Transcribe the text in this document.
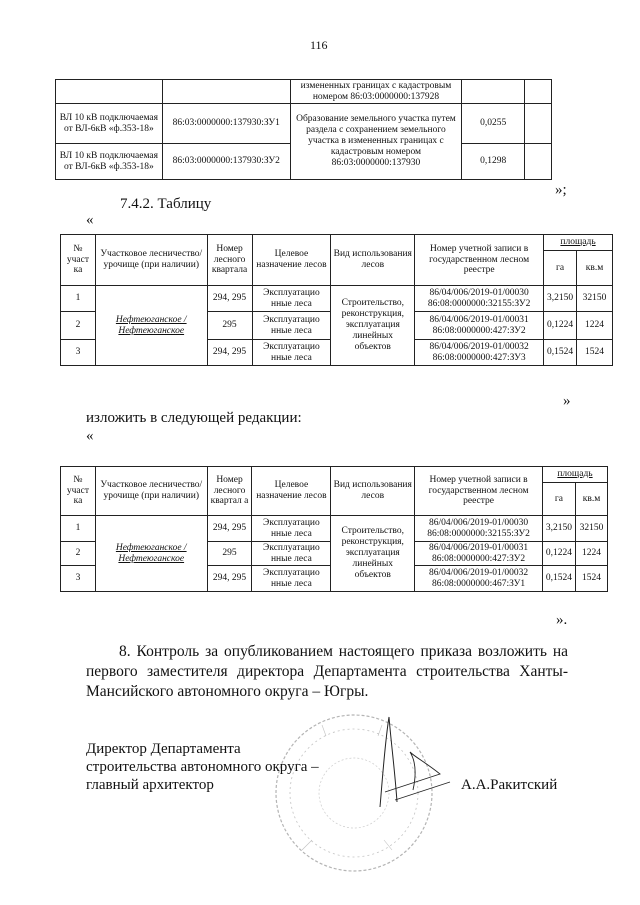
116
		измененных границах с кадастровым номером 86:03:0000000:137928		
ВЛ 10 кВ подключаемая от ВЛ-6кВ «ф.353-18»	86:03:0000000:137930:ЗУ1	Образование земельного участка путем раздела с сохранением земельного участка в измененных границах с кадастровым номером 86:03:0000000:137930	0,0255	
ВЛ 10 кВ подключаемая от ВЛ-6кВ «ф.353-18»	86:03:0000000:137930:ЗУ2		0,1298	
»;
7.4.2. Таблицу
«
№ участ ка	Участковое лесничество/ урочище (при наличии)	Номер лесного квартала	Целевое назначение лесов	Вид использования лесов	Номер учетной записи в государственном лесном реестре	площадь	
						га	кв.м
1	Нефтеюганское / Нефтеюганское	294, 295	Эксплуатацио нные леса	Строительство, реконструкция, эксплуатация линейных объектов	86/04/006/2019-01/00030 86:08:0000000:32155:ЗУ2	3,2150	32150
2		295	Эксплуатацио нные леса		86/04/006/2019-01/00031 86:08:0000000:427:ЗУ2	0,1224	1224
3		294, 295	Эксплуатацио нные леса		86/04/006/2019-01/00032 86:08:0000000:427:ЗУ3	0,1524	1524
»
изложить в следующей редакции:
«
№ участ ка	Участковое лесничество/ урочище (при наличии)	Номер лесного квартал а	Целевое назначение лесов	Вид использования лесов	Номер учетной записи в государственном лесном реестре	площадь	
						га	кв.м
1	Нефтеюганское / Нефтеюганское	294, 295	Эксплуатацио нные леса	Строительство, реконструкция, эксплуатация линейных объектов	86/04/006/2019-01/00030 86:08:0000000:32155:ЗУ2	3,2150	32150
2		295	Эксплуатацио нные леса		86/04/006/2019-01/00031 86:08:0000000:427:ЗУ2	0,1224	1224
3		294, 295	Эксплуатацио нные леса		86/04/006/2019-01/00032 86:08:0000000:467:ЗУ1	0,1524	1524
».
8. Контроль за опубликованием настоящего приказа возложить на первого заместителя директора Департамента строительства Ханты-Мансийского автономного округа – Югры.
Директор Департамента
строительства автономного округа –
главный архитектор	А.А.Ракитский
